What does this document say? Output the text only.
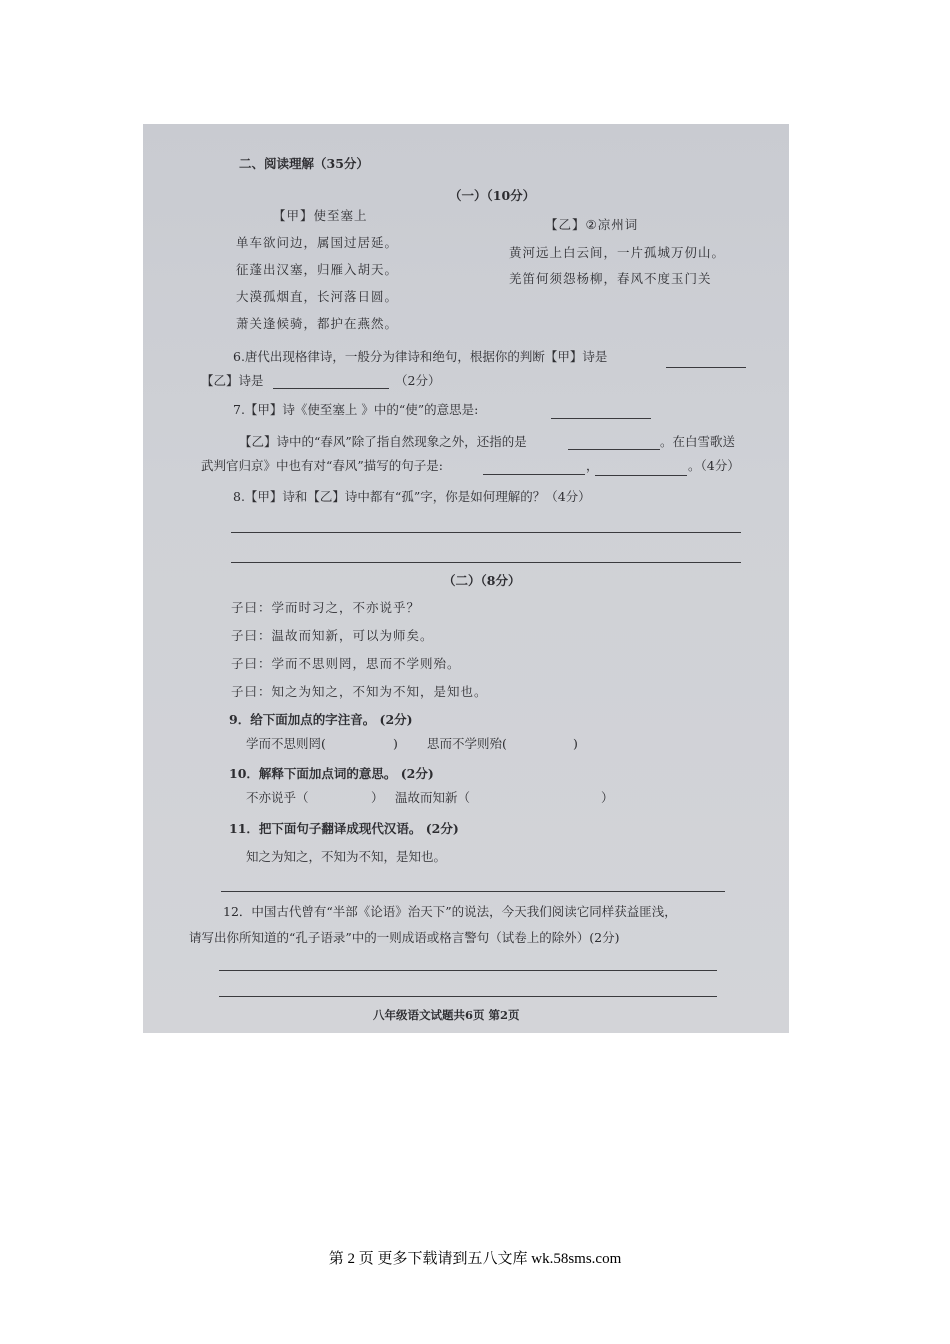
二、阅读理解（35分）
（一）（10分）
【甲】使至塞上
单车欲问边，属国过居延。
征蓬出汉塞，归雁入胡天。
大漠孤烟直，长河落日圆。
萧关逢候骑，都护在燕然。
【乙】②凉州词
黄河远上白云间，一片孤城万仞山。
羌笛何须怨杨柳，春风不度玉门关
6.唐代出现格律诗，一般分为律诗和绝句，根据你的判断【甲】诗是
【乙】诗是	（2分）
7.【甲】诗《使至塞上 》中的“使”的意思是:
【乙】诗中的“春风”除了指自然现象之外，还指的是	。在白雪歌送
武判官归京》中也有对“春风”描写的句子是:	，	。（4分）
8.【甲】诗和【乙】诗中都有“孤”字，你是如何理解的？（4分）
（二）（8分）
子曰：学而时习之，不亦说乎？
子曰：温故而知新，可以为师矣。
子曰：学而不思则罔，思而不学则殆。
子曰：知之为知之，不知为不知，是知也。
9．给下面加点的字注音。 (2分)
学而不思则罔(	) 思而不学则殆(	)
10．解释下面加点词的意思。 (2分)
不亦说乎（	） 温故而知新（	）
11．把下面句子翻译成现代汉语。 (2分)
知之为知之，不知为不知，是知也。
12．中国古代曾有“半部《论语》治天下”的说法，今天我们阅读它同样获益匪浅，
请写出你所知道的“孔子语录”中的一则成语或格言警句（试卷上的除外）(2分)
八年级语文试题共6页 第2页
第 2 页 更多下载请到五八文库 wk.58sms.com
